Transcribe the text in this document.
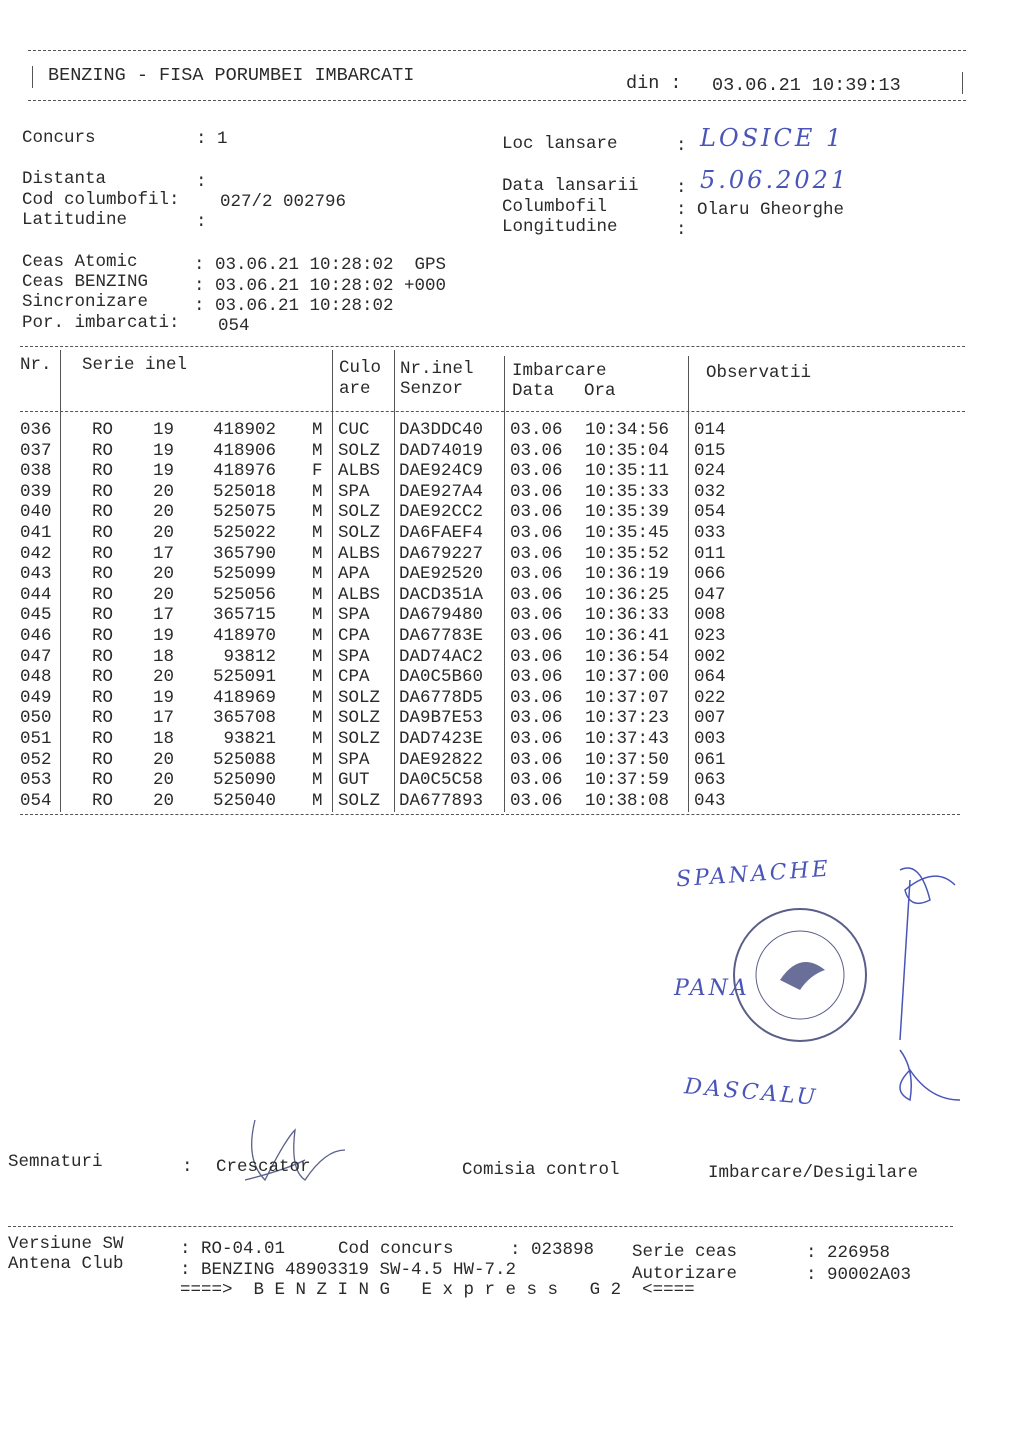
BENZING - FISA PORUMBEI IMBARCATI	din : 03.06.21 10:39:13
Concurs	: 1
Distanta	:
Cod columbofil: 027/2 002796
Latitudine	:
Loc lansare	: LOSICE 1
Data lansarii : 5.06.2021
Columbofil	: Olaru Gheorghe
Longitudine	:
Ceas Atomic	: 03.06.21 10:28:02  GPS
Ceas BENZING	: 03.06.21 10:28:02 +000
Sincronizare	: 03.06.21 10:28:02
Por. imbarcati: 054
Nr. Serie inel	Culo
are
Nr.inel
Senzor
Imbarcare
Data Ora
Observatii
036 RO 19	418902 M CUC DA3DDC40 03.06 10:34:56 014
037 RO 19	418906 M SOLZ DAD74019 03.06 10:35:04 015
038 RO 19	418976 F ALBS DAE924C9 03.06 10:35:11 024
039 RO 20	525018 M SPA DAE927A4 03.06 10:35:33 032
040 RO 20	525075 M SOLZ DAE92CC2 03.06 10:35:39 054
041 RO 20	525022 M SOLZ DA6FAEF4 03.06 10:35:45 033
042 RO 17	365790 M ALBS DA679227 03.06 10:35:52 011
043 RO 20	525099 M APA DAE92520 03.06 10:36:19 066
044 RO 20	525056 M ALBS DACD351A 03.06 10:36:25 047
045 RO 17	365715 M SPA DA679480 03.06 10:36:33 008
046 RO 19	418970 M CPA DA67783E 03.06 10:36:41 023
047 RO 18	93812 M SPA DAD74AC2 03.06 10:36:54 002
048 RO 20	525091 M CPA DA0C5B60 03.06 10:37:00 064
049 RO 19	418969 M SOLZ DA6778D5 03.06 10:37:07 022
050 RO 17	365708 M SOLZ DA9B7E53 03.06 10:37:23 007
051 RO 18	93821 M SOLZ DAD7423E 03.06 10:37:43 003
052 RO 20	525088 M SPA DAE92822 03.06 10:37:50 061
053 RO 20	525090 M GUT DA0C5C58 03.06 10:37:59 063
054 RO 20	525040 M SOLZ DA677893 03.06 10:38:08 043
SPANACHE
PANA
DASCALU
Semnaturi	: Crescator	Comisia control	Imbarcare/Desigilare
Versiune SW	: RO-04.01	Cod concurs	: 023898 Serie ceas	: 226958
Antena Club	: BENZING 48903319 SW-4.5 HW-7.2	Autorizare	: 90002A03
====>  B E N Z I N G   E x p r e s s   G 2  <====
